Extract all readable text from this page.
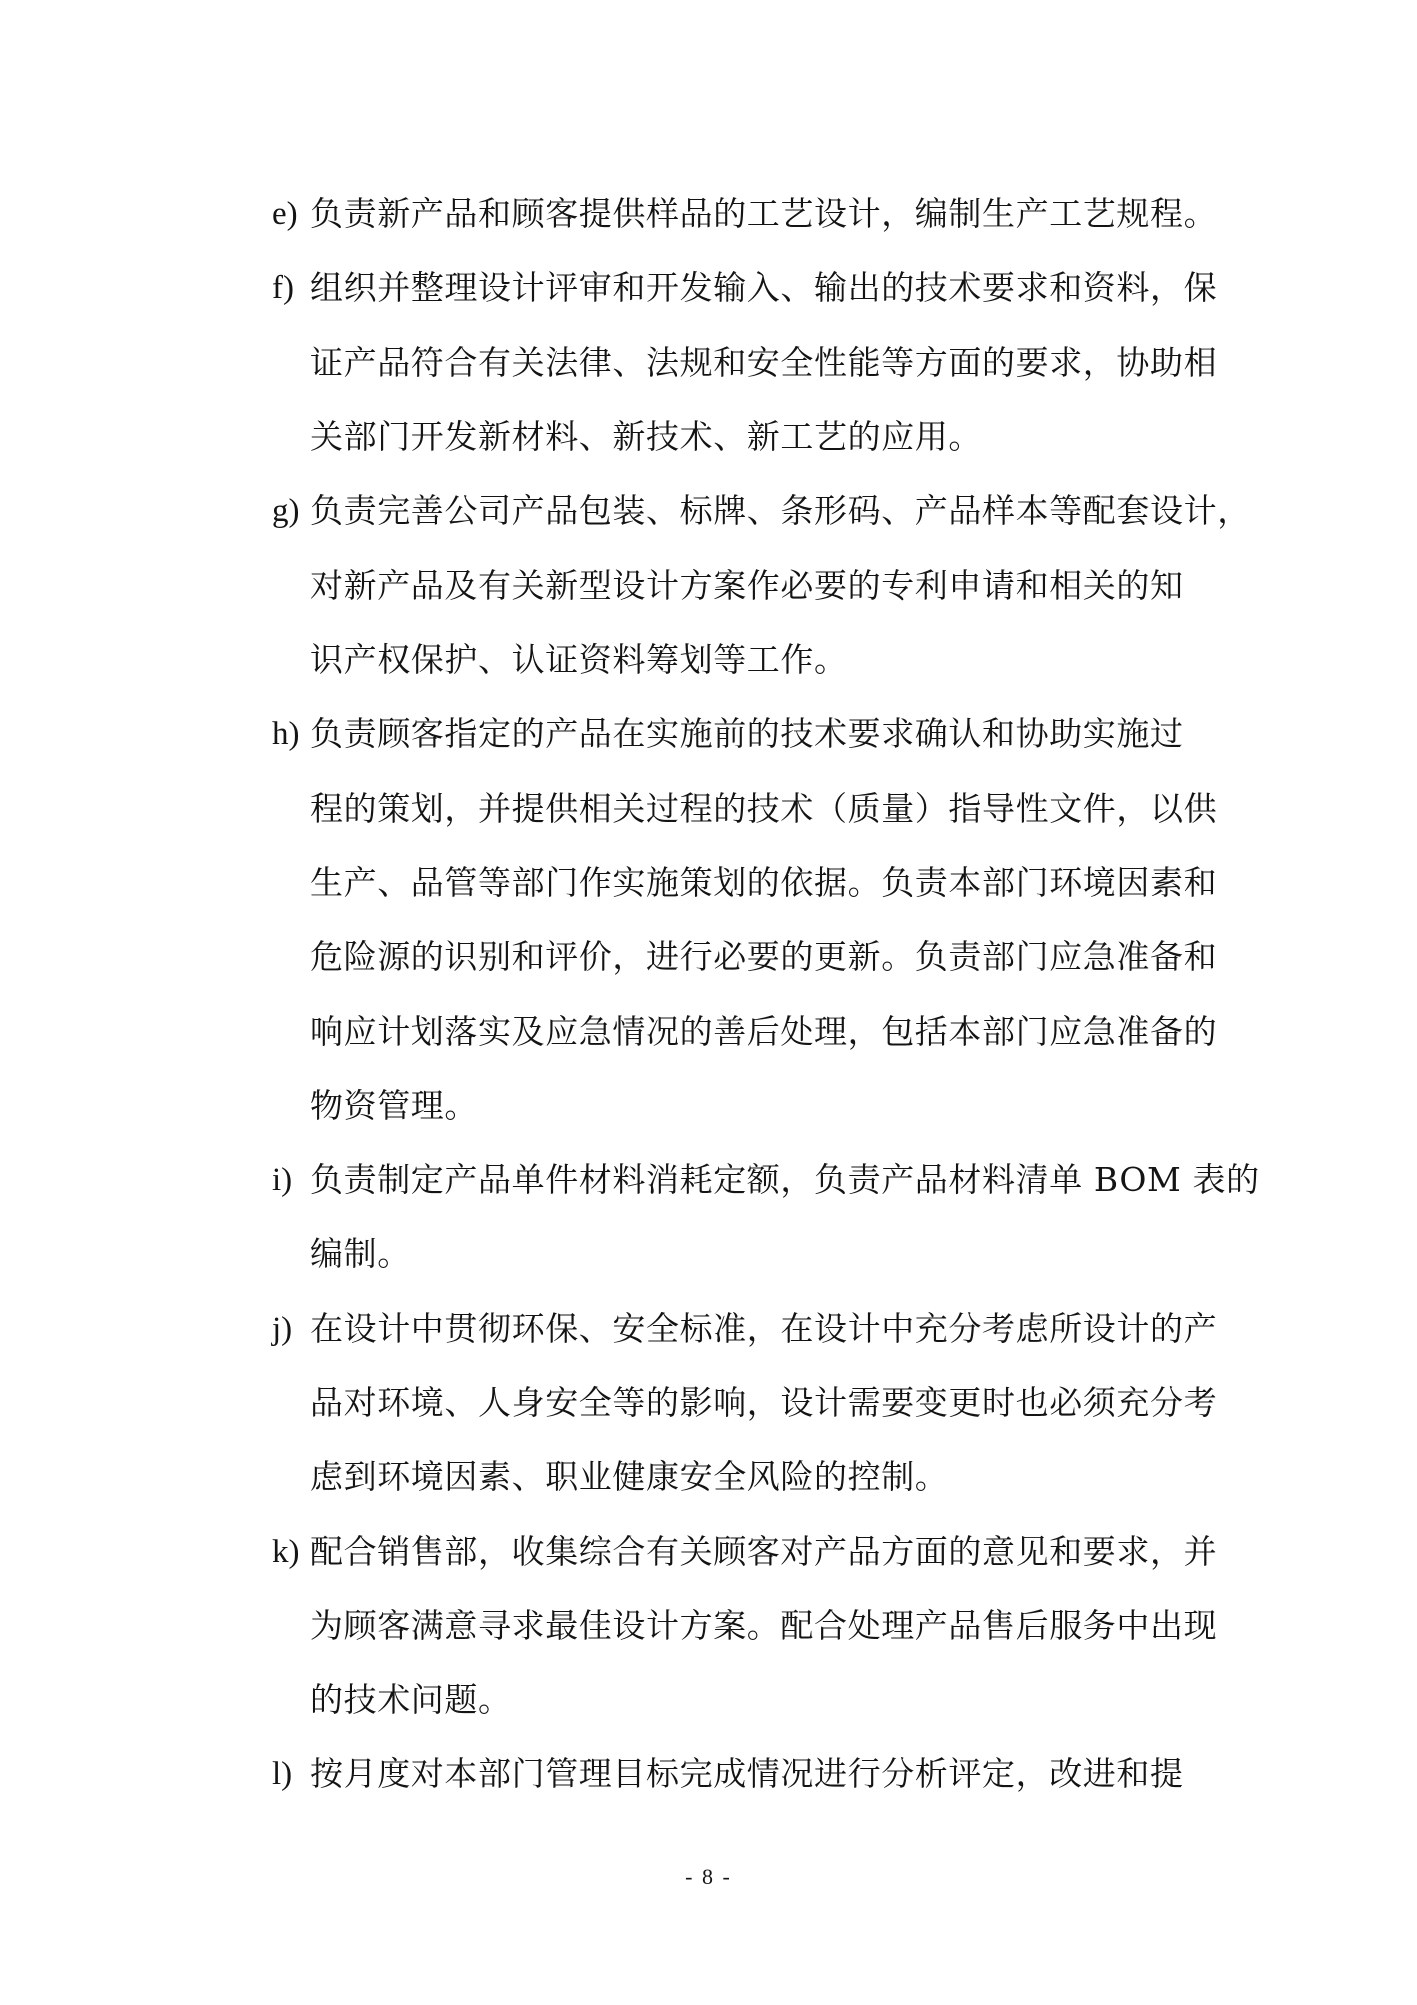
e) 负责新产品和顾客提供样品的工艺设计，编制生产工艺规程。
f) 组织并整理设计评审和开发输入、输出的技术要求和资料，保
证产品符合有关法律、法规和安全性能等方面的要求，协助相
关部门开发新材料、新技术、新工艺的应用。
g) 负责完善公司产品包装、标牌、条形码、产品样本等配套设计，
对新产品及有关新型设计方案作必要的专利申请和相关的知
识产权保护、认证资料筹划等工作。
h) 负责顾客指定的产品在实施前的技术要求确认和协助实施过
程的策划，并提供相关过程的技术（质量）指导性文件，以供
生产、品管等部门作实施策划的依据。负责本部门环境因素和
危险源的识别和评价，进行必要的更新。负责部门应急准备和
响应计划落实及应急情况的善后处理，包括本部门应急准备的
物资管理。
i) 负责制定产品单件材料消耗定额，负责产品材料清单 BOM 表的
编制。
j) 在设计中贯彻环保、安全标准，在设计中充分考虑所设计的产
品对环境、人身安全等的影响，设计需要变更时也必须充分考
虑到环境因素、职业健康安全风险的控制。
k) 配合销售部，收集综合有关顾客对产品方面的意见和要求，并
为顾客满意寻求最佳设计方案。配合处理产品售后服务中出现
的技术问题。
l) 按月度对本部门管理目标完成情况进行分析评定，改进和提
- 8 -
